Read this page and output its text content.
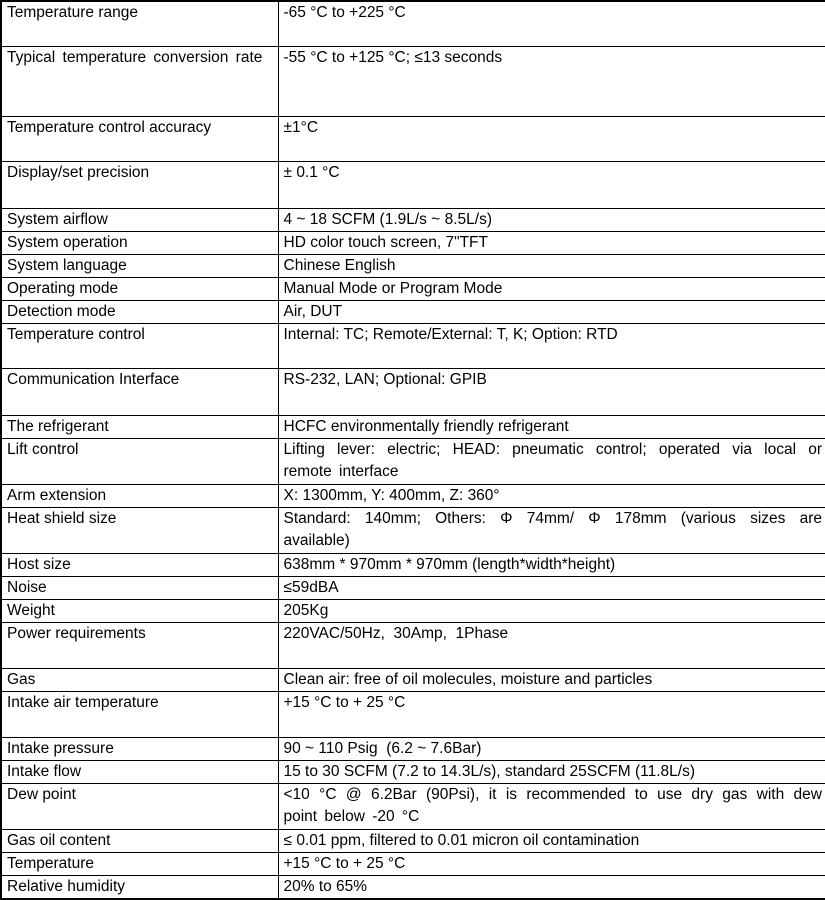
Temperature range	-65 °C to +225 °C
Typical temperature conversion rate	-55 °C to +125 °C; ≤13 seconds
Temperature control accuracy	±1°C
Display/set precision	± 0.1 °C
System airflow	4 ~ 18 SCFM (1.9L/s ~ 8.5L/s)
System operation	HD color touch screen, 7"TFT
System language	Chinese English
Operating mode	Manual Mode or Program Mode
Detection mode	Air, DUT
Temperature control	Internal: TC; Remote/External: T, K; Option: RTD
Communication Interface	RS-232, LAN; Optional: GPIB
The refrigerant	HCFC environmentally friendly refrigerant
Lift control	Lifting lever: electric; HEAD: pneumatic control; operated via local or remote interface
Arm extension	X: 1300mm, Y: 400mm, Z: 360°
Heat shield size	Standard: 140mm; Others: Φ 74mm/ Φ 178mm (various sizes are available)
Host size	638mm * 970mm * 970mm (length*width*height)
Noise	≤59dBA
Weight	205Kg
Power requirements	220VAC/50Hz,  30Amp,  1Phase
Gas	Clean air: free of oil molecules, moisture and particles
Intake air temperature	+15 °C to + 25 °C
Intake pressure	90 ~ 110 Psig  (6.2 ~ 7.6Bar)
Intake flow	15 to 30 SCFM (7.2 to 14.3L/s), standard 25SCFM (11.8L/s)
Dew point	<10 °C @ 6.2Bar (90Psi), it is recommended to use dry gas with dew point below -20 °C
Gas oil content	≤ 0.01 ppm, filtered to 0.01 micron oil contamination
Temperature	+15 °C to + 25 °C
Relative humidity	20% to 65%
